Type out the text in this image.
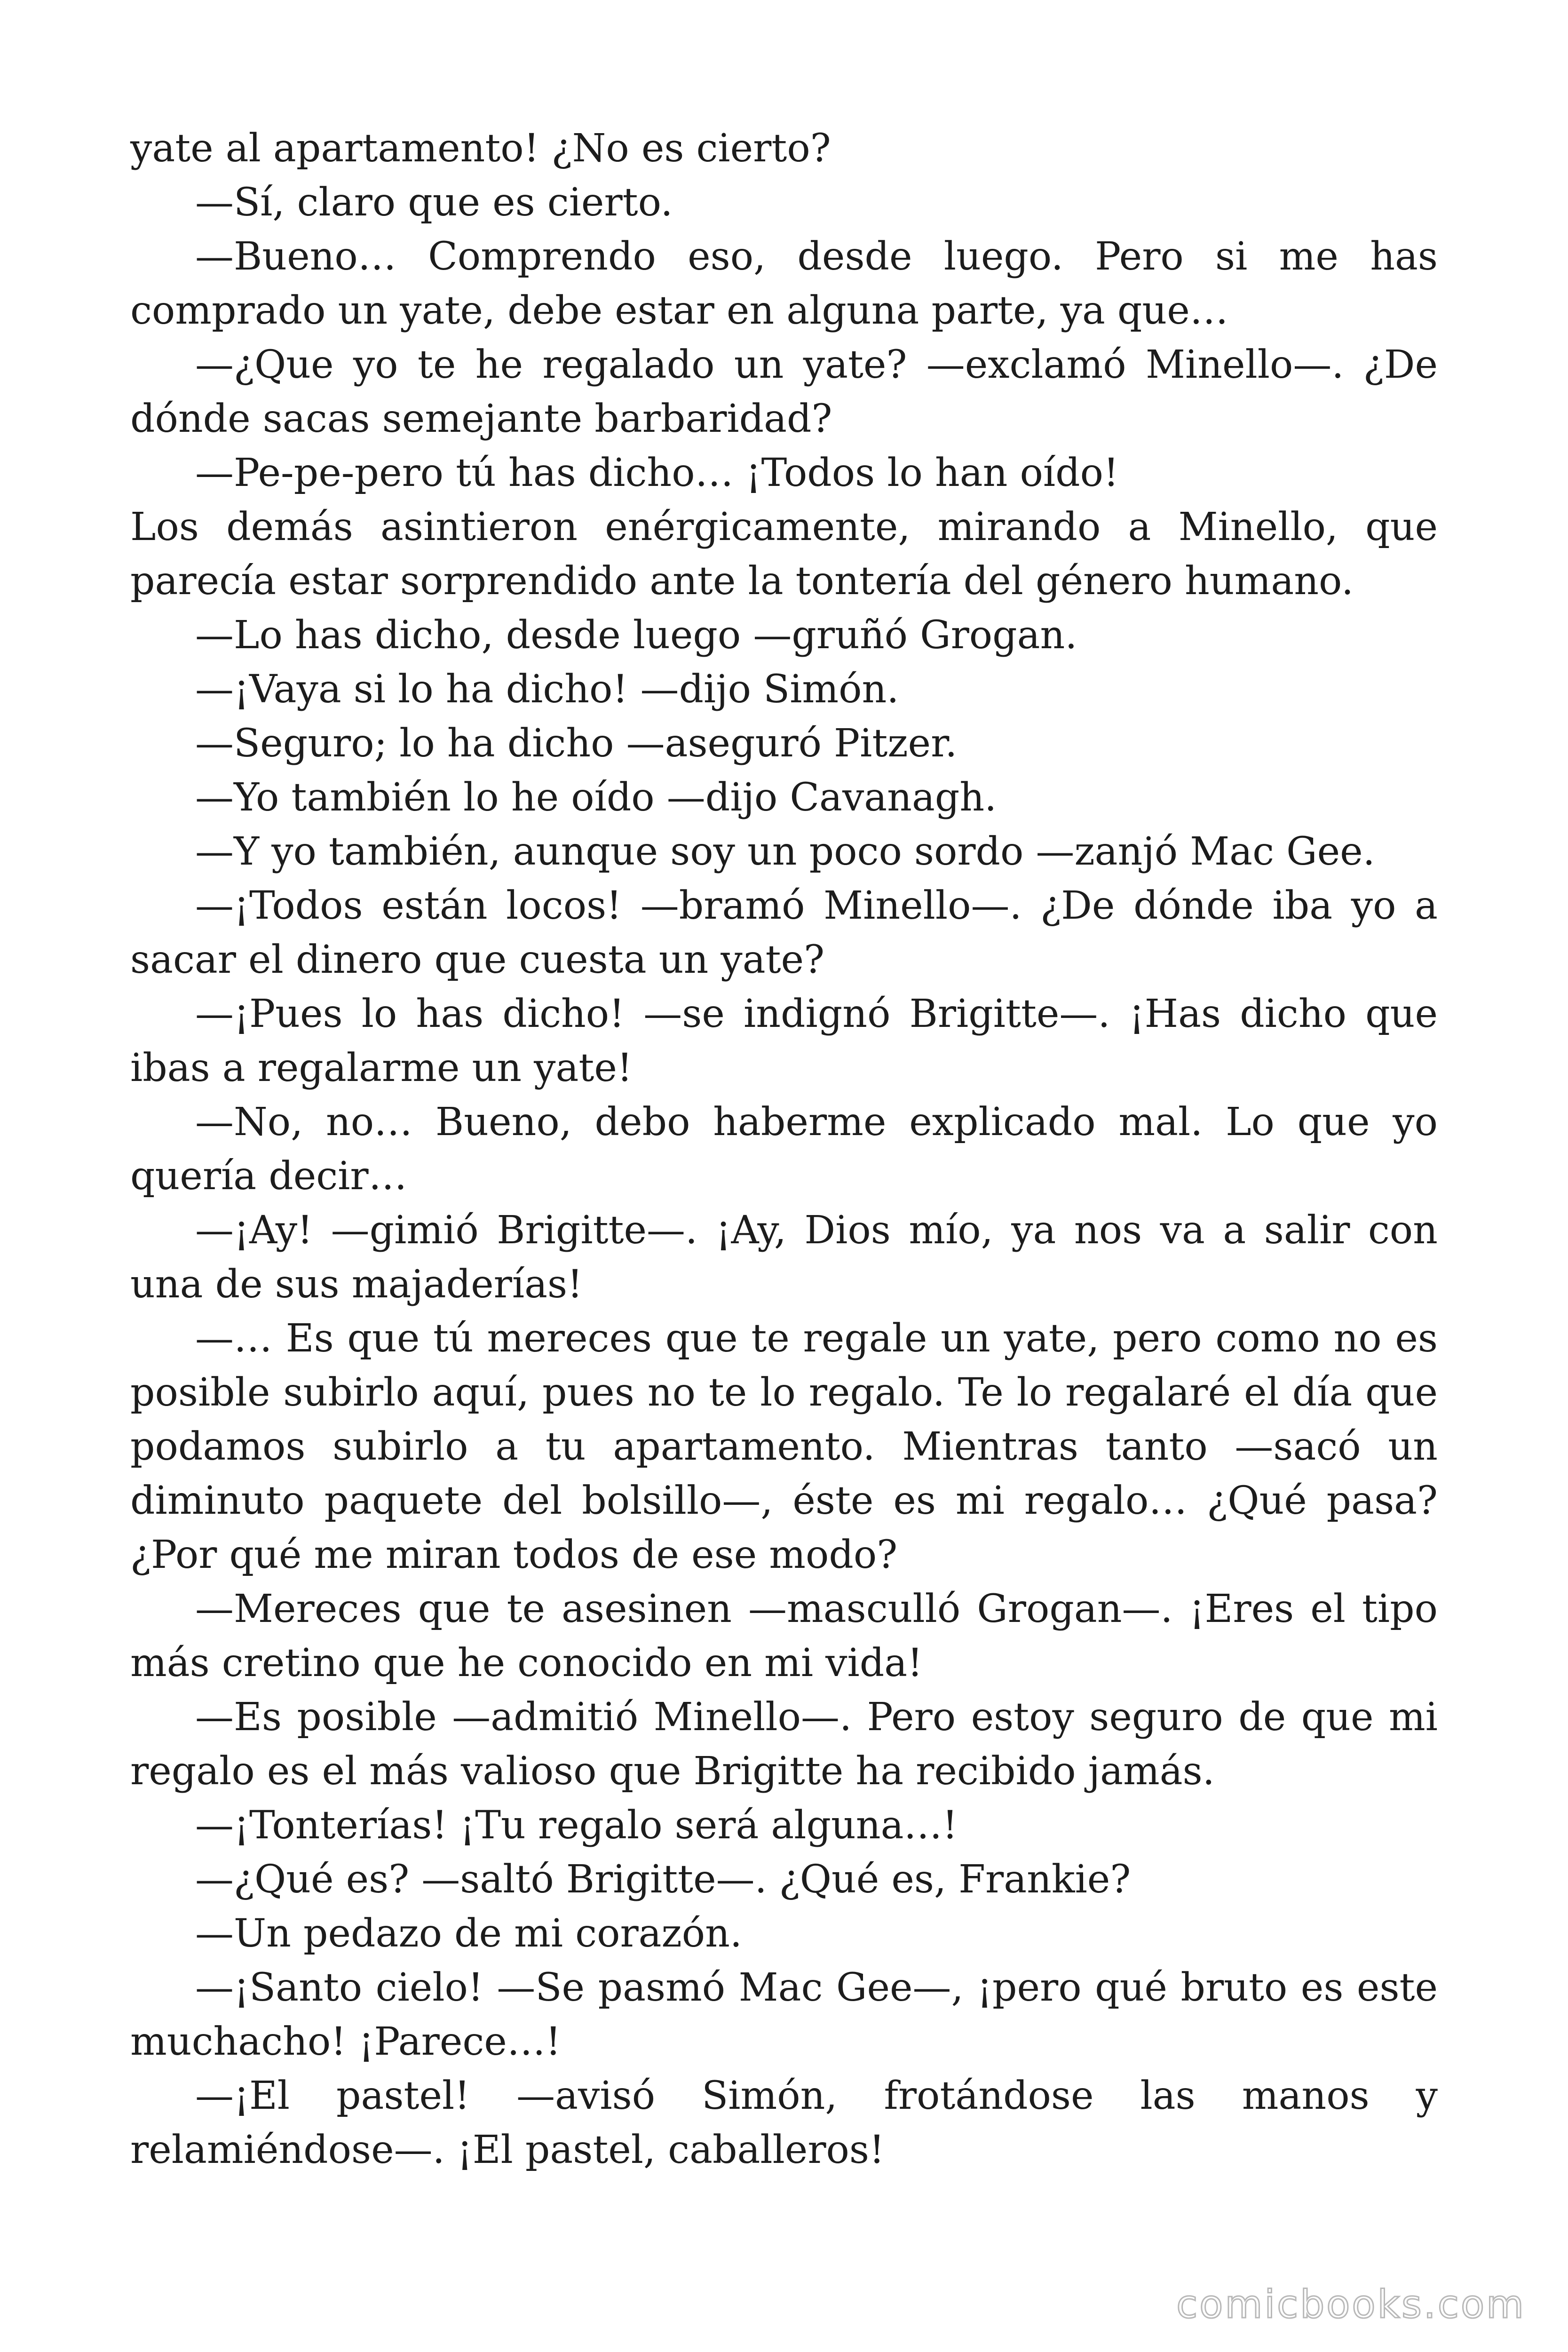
yate al apartamento! ¿No es cierto?

—Sí, claro que es cierto.

—Bueno… Comprendo eso, desde luego. Pero si me has comprado un yate, debe estar en alguna parte, ya que…

—¿Que yo te he regalado un yate? —exclamó Minello—. ¿De dónde sacas semejante barbaridad?

—Pe-pe-pero tú has dicho… ¡Todos lo han oído!

Los demás asintieron enérgicamente, mirando a Minello, que parecía estar sorprendido ante la tontería del género humano.

—Lo has dicho, desde luego —gruñó Grogan.

—¡Vaya si lo ha dicho! —dijo Simón.

—Seguro; lo ha dicho —aseguró Pitzer.

—Yo también lo he oído —dijo Cavanagh.

—Y yo también, aunque soy un poco sordo —zanjó Mac Gee.

—¡Todos están locos! —bramó Minello—. ¿De dónde iba yo a sacar el dinero que cuesta un yate?

—¡Pues lo has dicho! —se indignó Brigitte—. ¡Has dicho que ibas a regalarme un yate!

—No, no… Bueno, debo haberme explicado mal. Lo que yo quería decir…

—¡Ay! —gimió Brigitte—. ¡Ay, Dios mío, ya nos va a salir con una de sus majaderías!

—… Es que tú mereces que te regale un yate, pero como no es posible subirlo aquí, pues no te lo regalo. Te lo regalaré el día que podamos subirlo a tu apartamento. Mientras tanto —sacó un diminuto paquete del bolsillo—, éste es mi regalo… ¿Qué pasa? ¿Por qué me miran todos de ese modo?

—Mereces que te asesinen —masculló Grogan—. ¡Eres el tipo más cretino que he conocido en mi vida!

—Es posible —admitió Minello—. Pero estoy seguro de que mi regalo es el más valioso que Brigitte ha recibido jamás.

—¡Tonterías! ¡Tu regalo será alguna…!

—¿Qué es? —saltó Brigitte—. ¿Qué es, Frankie?

—Un pedazo de mi corazón.

—¡Santo cielo! —Se pasmó Mac Gee—, ¡pero qué bruto es este muchacho! ¡Parece…!

—¡El pastel! —avisó Simón, frotándose las manos y relamiéndose—. ¡El pastel, caballeros!

comicbooks.com
